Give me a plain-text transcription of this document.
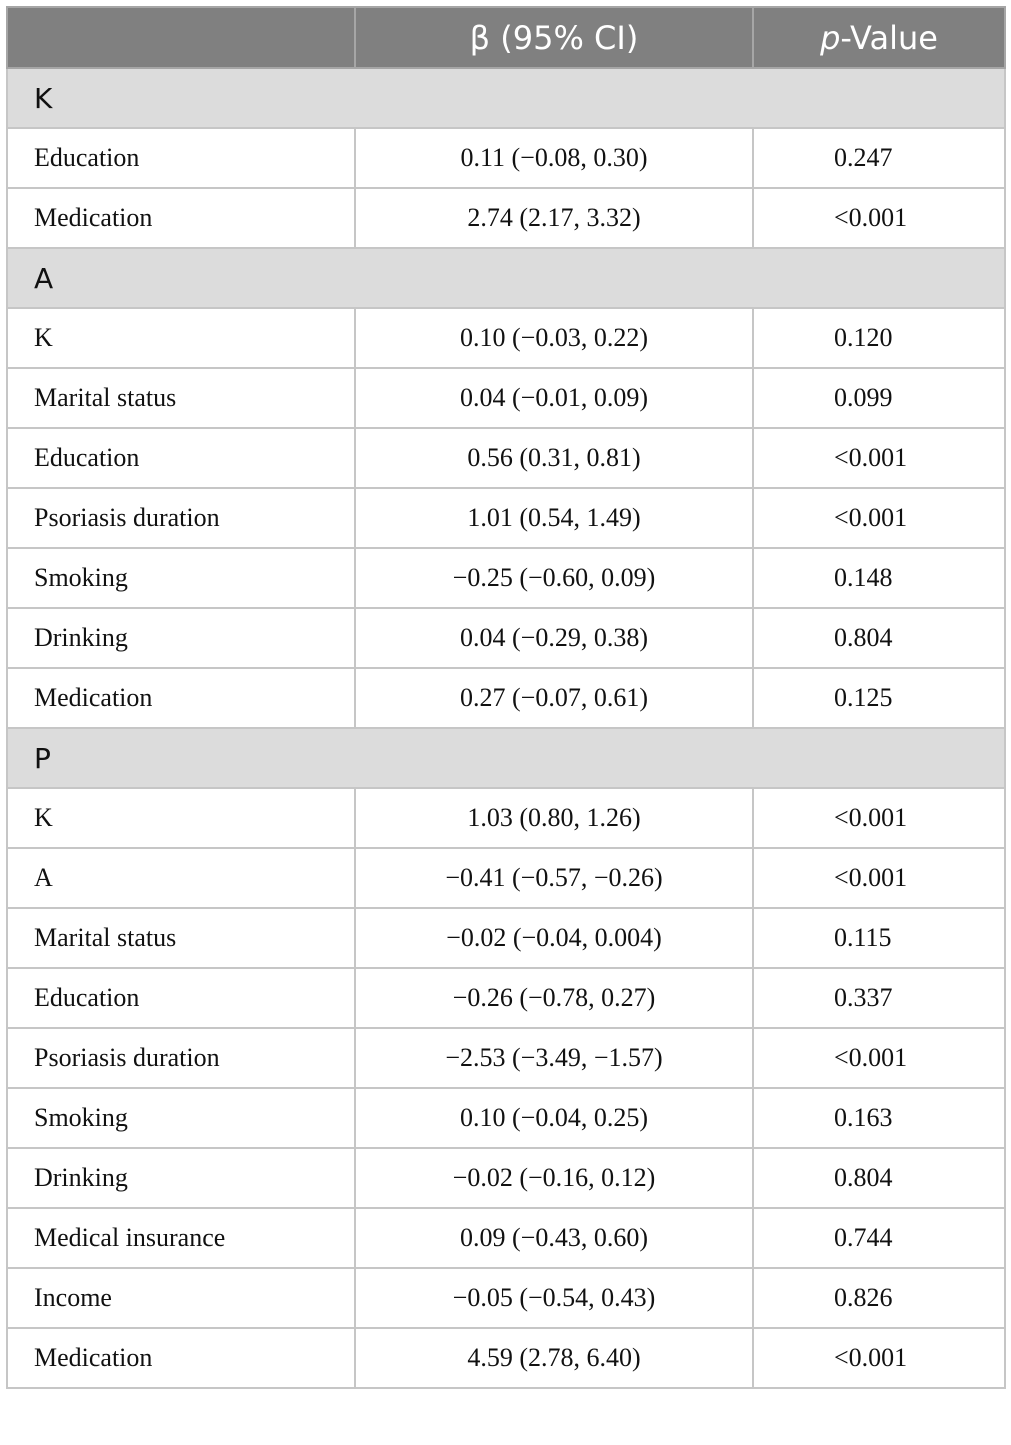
	β (95% CI)	p-Value
K		
Education	0.11 (−0.08, 0.30)	0.247
Medication	2.74 (2.17, 3.32)	<0.001
A		
K	0.10 (−0.03, 0.22)	0.120
Marital status	0.04 (−0.01, 0.09)	0.099
Education	0.56 (0.31, 0.81)	<0.001
Psoriasis duration	1.01 (0.54, 1.49)	<0.001
Smoking	−0.25 (−0.60, 0.09)	0.148
Drinking	0.04 (−0.29, 0.38)	0.804
Medication	0.27 (−0.07, 0.61)	0.125
P		
K	1.03 (0.80, 1.26)	<0.001
A	−0.41 (−0.57, −0.26)	<0.001
Marital status	−0.02 (−0.04, 0.004)	0.115
Education	−0.26 (−0.78, 0.27)	0.337
Psoriasis duration	−2.53 (−3.49, −1.57)	<0.001
Smoking	0.10 (−0.04, 0.25)	0.163
Drinking	−0.02 (−0.16, 0.12)	0.804
Medical insurance	0.09 (−0.43, 0.60)	0.744
Income	−0.05 (−0.54, 0.43)	0.826
Medication	4.59 (2.78, 6.40)	<0.001
